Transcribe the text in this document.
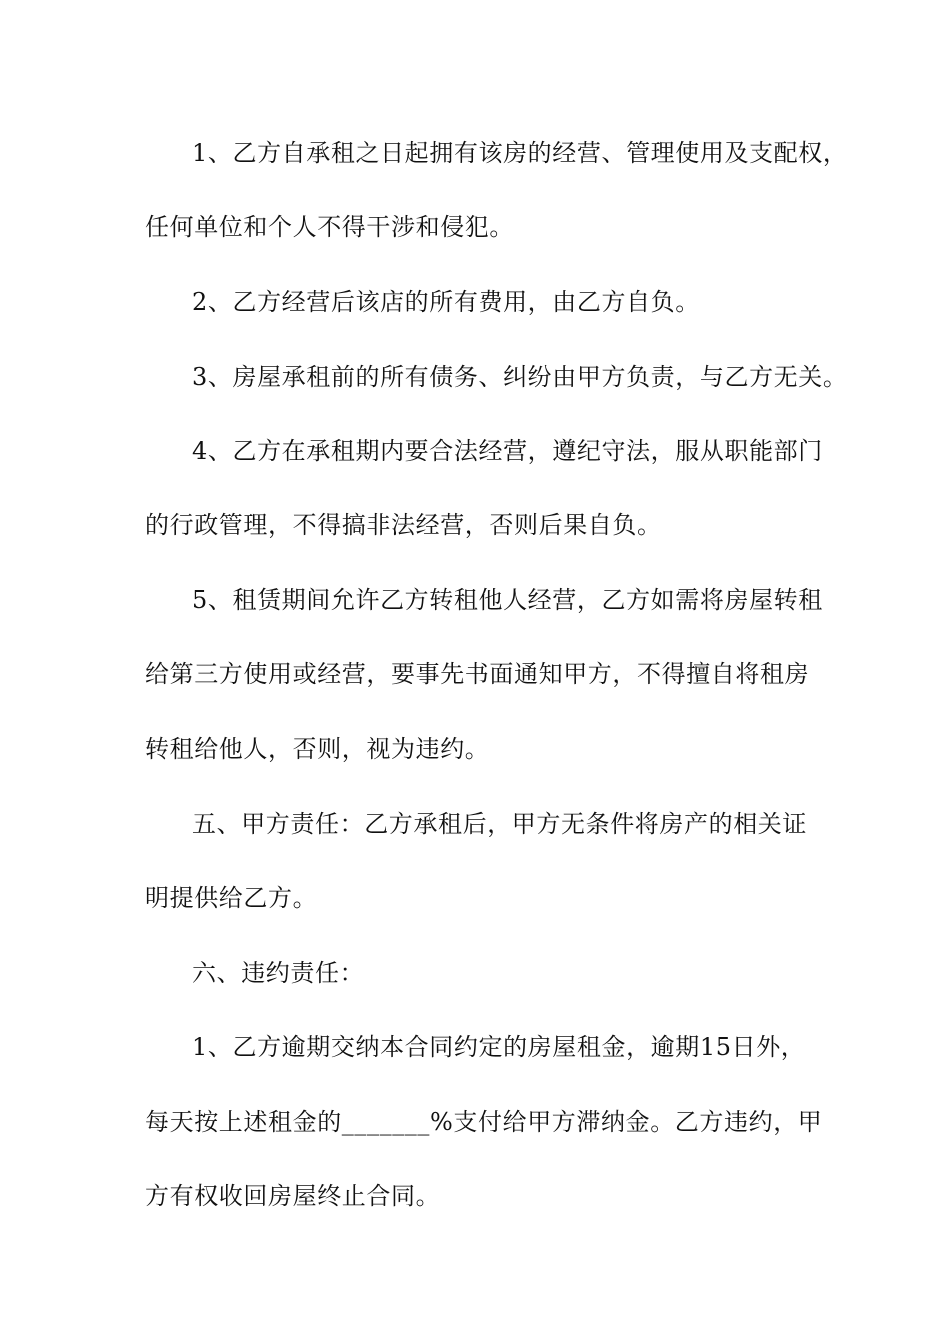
1、乙方自承租之日起拥有该房的经营、管理使用及支配权，
任何单位和个人不得干涉和侵犯。
2、乙方经营后该店的所有费用，由乙方自负。
3、房屋承租前的所有债务、纠纷由甲方负责，与乙方无关。
4、乙方在承租期内要合法经营，遵纪守法，服从职能部门
的行政管理，不得搞非法经营，否则后果自负。
5、租赁期间允许乙方转租他人经营，乙方如需将房屋转租
给第三方使用或经营，要事先书面通知甲方，不得擅自将租房
转租给他人，否则，视为违约。
五、甲方责任：乙方承租后，甲方无条件将房产的相关证
明提供给乙方。
六、违约责任：
1、乙方逾期交纳本合同约定的房屋租金，逾期15日外，
每天按上述租金的_______%支付给甲方滞纳金。乙方违约，甲
方有权收回房屋终止合同。
